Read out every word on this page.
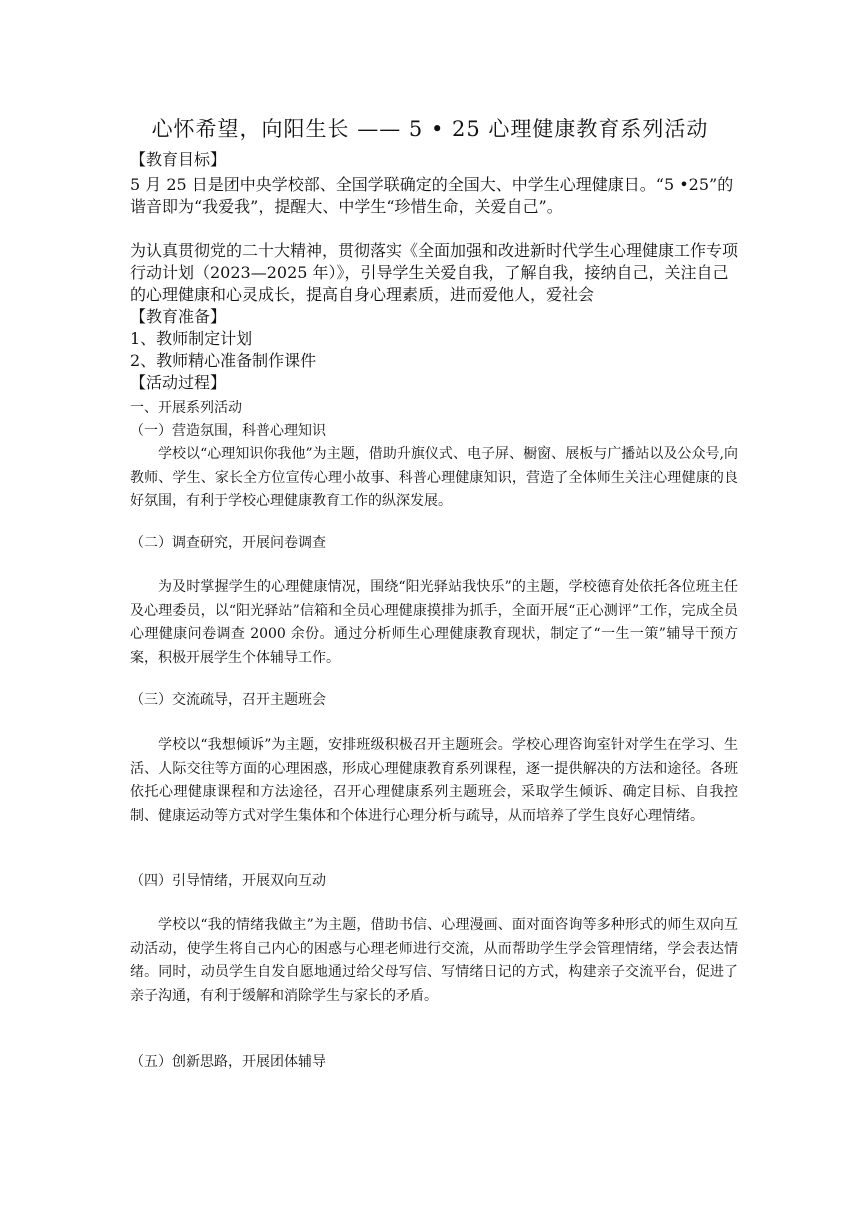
心怀希望，向阳生长 —— 5 • 25 心理健康教育系列活动
【教育目标】

5 月 25 日是团中央学校部、全国学联确定的全国大、中学生心理健康日。“5 •25”的谐音即为“我爱我”，提醒大、中学生“珍惜生命，关爱自己”。

为认真贯彻党的二十大精神，贯彻落实《全面加强和改进新时代学生心理健康工作专项行动计划（2023—2025 年）》，引导学生关爱自我，了解自我，接纳自己，关注自己的心理健康和心灵成长，提高自身心理素质，进而爱他人，爱社会

【教育准备】
1、教师制定计划
2、教师精心准备制作课件
【活动过程】
一、开展系列活动
（一）营造氛围，科普心理知识

学校以“心理知识你我他”为主题，借助升旗仪式、电子屏、橱窗、展板与广播站以及公众号,向教师、学生、家长全方位宣传心理小故事、科普心理健康知识，营造了全体师生关注心理健康的良好氛围，有利于学校心理健康教育工作的纵深发展。

（二）调查研究，开展问卷调查

为及时掌握学生的心理健康情况，围绕“阳光驿站我快乐”的主题，学校德育处依托各位班主任及心理委员，以“阳光驿站”信箱和全员心理健康摸排为抓手，全面开展“正心测评”工作，完成全员心理健康问卷调查 2000 余份。通过分析师生心理健康教育现状，制定了“一生一策”辅导干预方案，积极开展学生个体辅导工作。

（三）交流疏导，召开主题班会

学校以“我想倾诉”为主题，安排班级积极召开主题班会。学校心理咨询室针对学生在学习、生活、人际交往等方面的心理困惑，形成心理健康教育系列课程，逐一提供解决的方法和途径。各班依托心理健康课程和方法途径，召开心理健康系列主题班会，采取学生倾诉、确定目标、自我控制、健康运动等方式对学生集体和个体进行心理分析与疏导，从而培养了学生良好心理情绪。

（四）引导情绪，开展双向互动

学校以“我的情绪我做主”为主题，借助书信、心理漫画、面对面咨询等多种形式的师生双向互动活动，使学生将自己内心的困惑与心理老师进行交流，从而帮助学生学会管理情绪，学会表达情绪。同时，动员学生自发自愿地通过给父母写信、写情绪日记的方式，构建亲子交流平台，促进了亲子沟通，有利于缓解和消除学生与家长的矛盾。

（五）创新思路，开展团体辅导
